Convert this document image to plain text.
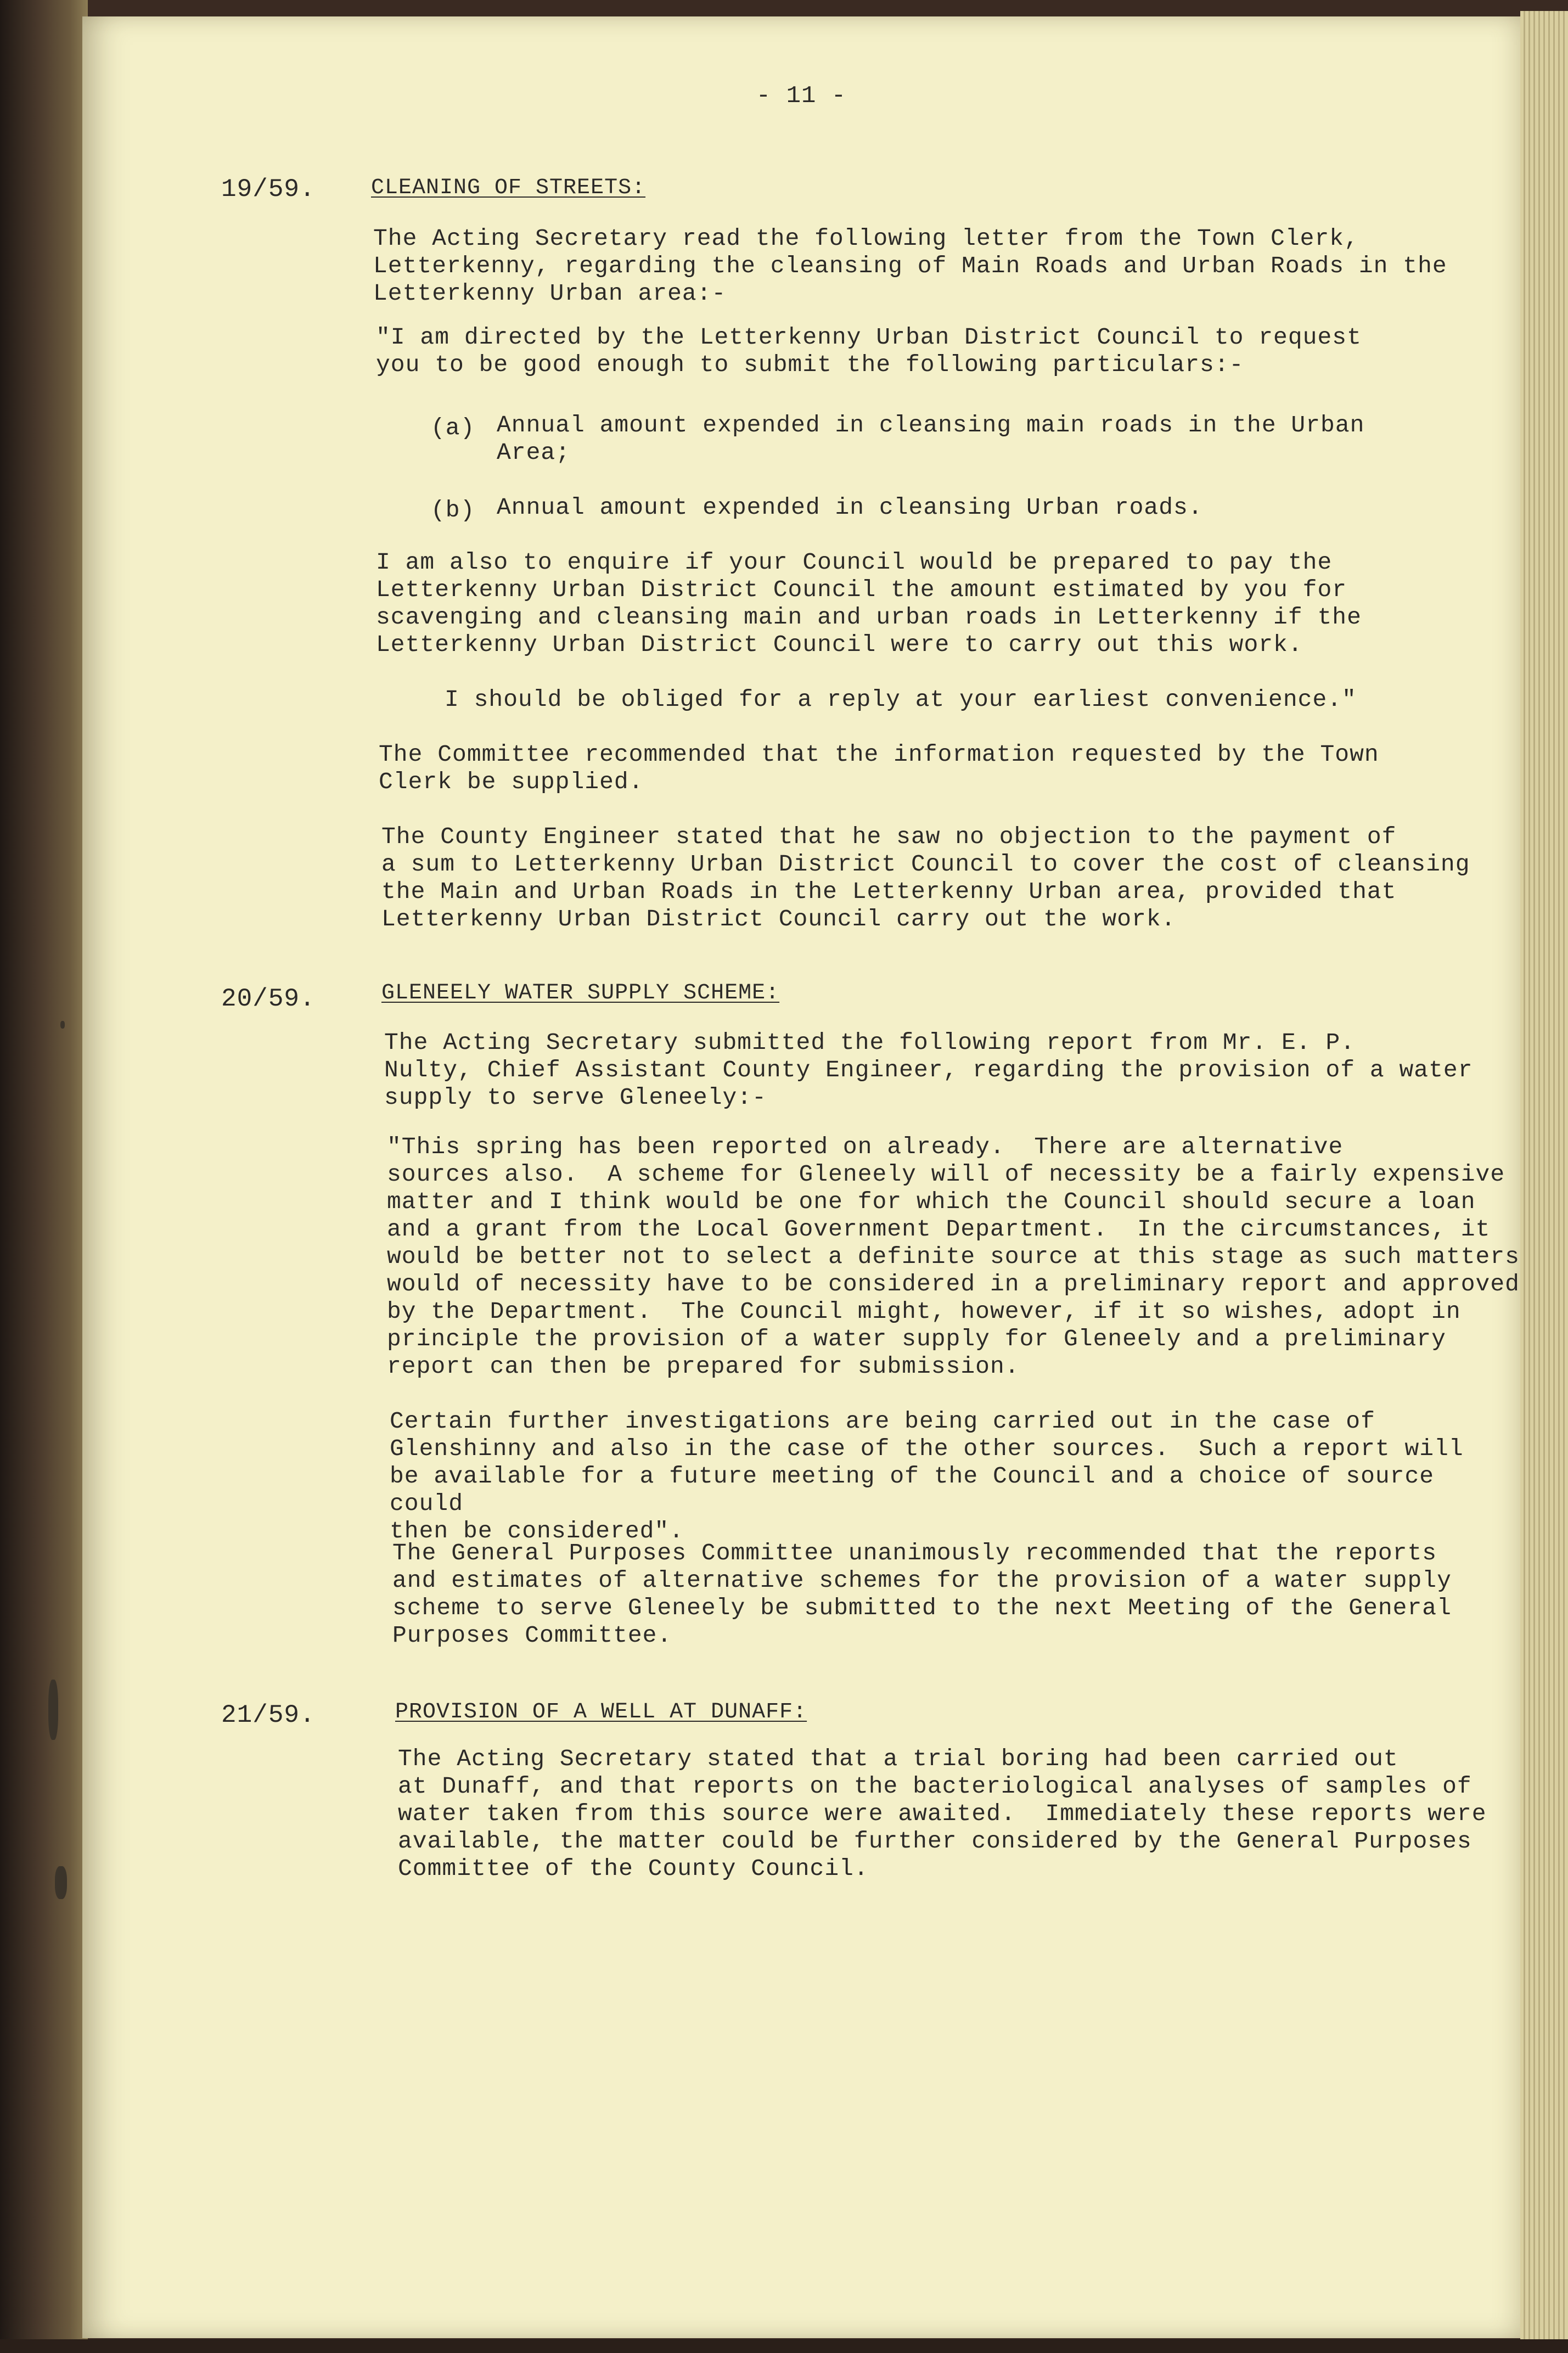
- 11 -
19/59.	CLEANING OF STREETS:

The Acting Secretary read the following letter from the Town Clerk,
Letterkenny, regarding the cleansing of Main Roads and Urban Roads in the
Letterkenny Urban area:-

"I am directed by the Letterkenny Urban District Council to request
you to be good enough to submit the following particulars:-

(a) Annual amount expended in cleansing main roads in the Urban
Area;

(b) Annual amount expended in cleansing Urban roads.

I am also to enquire if your Council would be prepared to pay the
Letterkenny Urban District Council the amount estimated by you for
scavenging and cleansing main and urban roads in Letterkenny if the
Letterkenny Urban District Council were to carry out this work.

I should be obliged for a reply at your earliest convenience."

The Committee recommended that the information requested by the Town
Clerk be supplied.

The County Engineer stated that he saw no objection to the payment of
a sum to Letterkenny Urban District Council to cover the cost of cleansing
the Main and Urban Roads in the Letterkenny Urban area, provided that
Letterkenny Urban District Council carry out the work.

20/59.	GLENEELY WATER SUPPLY SCHEME:

The Acting Secretary submitted the following report from Mr. E. P.
Nulty, Chief Assistant County Engineer, regarding the provision of a water
supply to serve Gleneely:-

"This spring has been reported on already.  There are alternative
sources also.  A scheme for Gleneely will of necessity be a fairly expensive
matter and I think would be one for which the Council should secure a loan
and a grant from the Local Government Department.  In the circumstances, it
would be better not to select a definite source at this stage as such matters
would of necessity have to be considered in a preliminary report and approved
by the Department.  The Council might, however, if it so wishes, adopt in
principle the provision of a water supply for Gleneely and a preliminary
report can then be prepared for submission.

Certain further investigations are being carried out in the case of
Glenshinny and also in the case of the other sources.  Such a report will
be available for a future meeting of the Council and a choice of source could
then be considered".

The General Purposes Committee unanimously recommended that the reports
and estimates of alternative schemes for the provision of a water supply
scheme to serve Gleneely be submitted to the next Meeting of the General
Purposes Committee.

21/59.	PROVISION OF A WELL AT DUNAFF:

The Acting Secretary stated that a trial boring had been carried out
at Dunaff, and that reports on the bacteriological analyses of samples of
water taken from this source were awaited.  Immediately these reports were
available, the matter could be further considered by the General Purposes
Committee of the County Council.
